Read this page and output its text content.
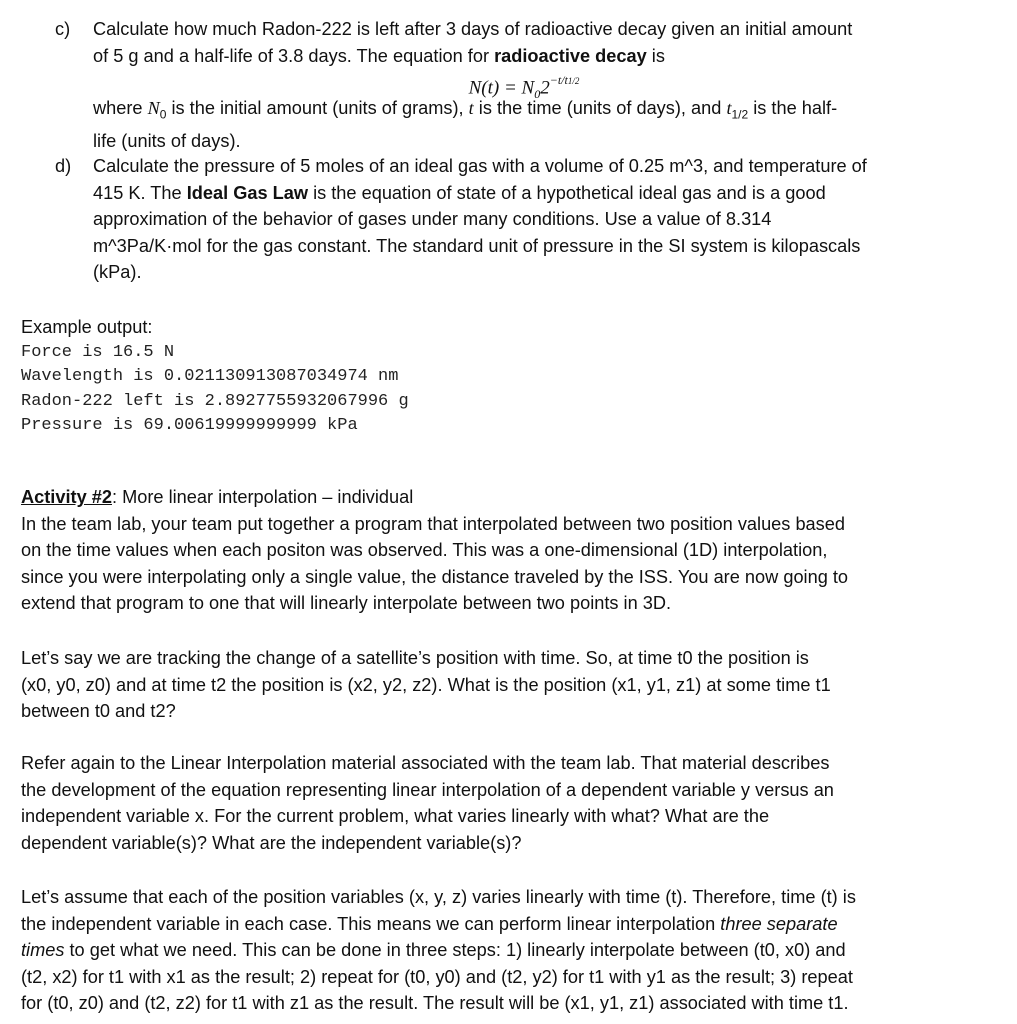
c) Calculate how much Radon-222 is left after 3 days of radioactive decay given an initial amount

of 5 g and a half-life of 3.8 days. The equation for radioactive decay is

$N(t) = N_02^{-t/t1/2}$

where $N_0$ is the initial amount (units of grams), t is the time (units of days), and $t_{1/2}$ is the half-

life (units of days).

d) Calculate the pressure of 5 moles of an ideal gas with a volume of 0.25 m^3, and temperature of

415 K. The Ideal Gas Law is the equation of state of a hypothetical ideal gas and is a good

approximation of the behavior of gases under many conditions. Use a value of 8.314

m^3Pa/K·mol for the gas constant. The standard unit of pressure in the SI system is kilopascals

(kPa).

Example output:

Force is 16.5 N
Wavelength is 0.021130913087034974 nm
Radon-222 left is 2.8927755932067996 g
Pressure is 69.00619999999999 kPa

Activity #2: More linear interpolation – individual

In the team lab, your team put together a program that interpolated between two position values based

on the time values when each positon was observed. This was a one-dimensional (1D) interpolation,

since you were interpolating only a single value, the distance traveled by the ISS. You are now going to

extend that program to one that will linearly interpolate between two points in 3D.

Let’s say we are tracking the change of a satellite’s position with time. So, at time t0 the position is

(x0, y0, z0) and at time t2 the position is (x2, y2, z2). What is the position (x1, y1, z1) at some time t1

between t0 and t2?

Refer again to the Linear Interpolation material associated with the team lab. That material describes

the development of the equation representing linear interpolation of a dependent variable y versus an

independent variable x. For the current problem, what varies linearly with what? What are the

dependent variable(s)? What are the independent variable(s)?

Let’s assume that each of the position variables (x, y, z) varies linearly with time (t). Therefore, time (t) is

the independent variable in each case. This means we can perform linear interpolation three separate

times to get what we need. This can be done in three steps: 1) linearly interpolate between (t0, x0) and

(t2, x2) for t1 with x1 as the result; 2) repeat for (t0, y0) and (t2, y2) for t1 with y1 as the result; 3) repeat

for (t0, z0) and (t2, z2) for t1 with z1 as the result. The result will be (x1, y1, z1) associated with time t1.
